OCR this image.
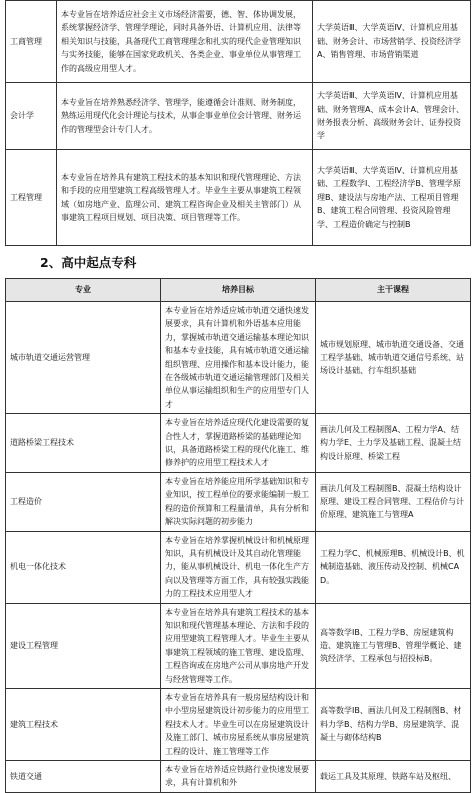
工商管理	本专业旨在培养适应社会主义市场经济需要，德、智、体协调发展，系统掌握经济学、管理学理论，同时具备外语、计算机应用、法律等相关知识与技能，具备现代工商管理理念和扎实的现代企业管理知识与实务技能，能够在国家党政机关、各类企业、事业单位从事管理工作的高级应用型人才。	大学英语Ⅲ、大学英语Ⅳ、计算机应用基础、财务会计、市场营销学、投资经济学A、销售管理、市场营销渠道
会计学	本专业旨在培养熟悉经济学、管理学，能遵循会计准则、财务制度，熟练运用现代化会计理论与技术，从事企事业单位会计管理、财务运作的管理型会计专门人才。	大学英语Ⅲ、大学英语Ⅳ、计算机应用基础、财务管理A、成本会计A、管理会计、财务报表分析、高级财务会计、证券投资学
工程管理	本专业旨在培养具有建筑工程技术的基本知识和现代管理理论、方法和手段的应用型建筑工程高级管理人才。毕业生主要从事建筑工程领域（如房地产业、监理公司、建筑工程咨询企业及相关主管部门）从事建筑工程项目规划、项目决策、项目管理等工作。	大学英语Ⅲ、大学英语Ⅳ、计算机应用基础、工程数学Ⅰ、工程经济学B、管理学原理B、建设法与房地产法、工程项目管理B、建筑工程合同管理、投资风险管理学、工程造价确定与控制B
2、高中起点专科
专业	培养目标	主干课程
城市轨道交通运营管理	本专业旨在培养适应城市轨道交通快速发展要求，具有计算机和外语基本应用能力，掌握城市轨道交通运输基本理论知识和基本专业技能，具有城市轨道交通运输组织管理、应用操作和基本设计能力，能在各级城市轨道交通运输管理部门及相关单位从事运输组织和生产的应用型专门人才	城市规划原理、城市轨道交通设备、交通工程学基础、城市轨道交通信号系统、站场设计基础、行车组织基础
道路桥梁工程技术	本专业旨在培养适应现代化建设需要的复合性人才，掌握道路桥梁的基础理论知识，具备道路桥梁工程的现代化施工、维修养护的应用型工程技术人才	画法几何及工程制图A、工程力学A、结构力学E、土力学及基础工程、混凝土结构设计原理、桥梁工程
工程造价	本专业旨在培养能应用所学基础知识和专业知识，按工程单位的要求能编制一般工程的造价预算和工程量清单，具有分析和解决实际问题的初步能力	画法几何及工程制图B、混凝土结构设计原理、建设工程合同管理、工程估价与计价原理、建筑施工与管理A
机电一体化技术	本专业旨在培养掌握机械设计和机械原理知识，具有机械设计及其自动化管理能力，能从事机械设计、机电一体化生产方向以及管理等方面工作，具有较强实践能力的工程技术应用型人才	工程力学C、机械原理B、机械设计B、机械制造基础、液压传动及控制、机械CAD。
建设工程管理	本专业旨在培养具有建筑工程技术的基本知识和现代管理基本理论、方法和手段的应用型建筑工程管理人才。毕业生主要从事建筑工程领域的施工管理、建设监理、工程咨询或在房地产公司从事房地产开发与经营管理等工作。	高等数学ⅠB、工程力学B、房屋建筑构造、建筑施工与管理B、管理学概论、建筑经济学、工程承包与招投标B。
建筑工程技术	本专业旨在培养具有一般房屋结构设计和中小型房屋建筑设计初步能力的应用型工程技术人才。毕业生可以在房屋建筑设计及施工部门、城市房屋系统从事房屋建筑工程的设计、施工管理等工作	高等数学ⅠB、画法几何及工程制图B、材料力学B、结构力学B、房屋建筑学、混凝土与砌体结构B
铁道交通	本专业旨在培养适应铁路行业快速发展要求，具有计算机和外	载运工具及其原理、铁路车站及枢纽、
